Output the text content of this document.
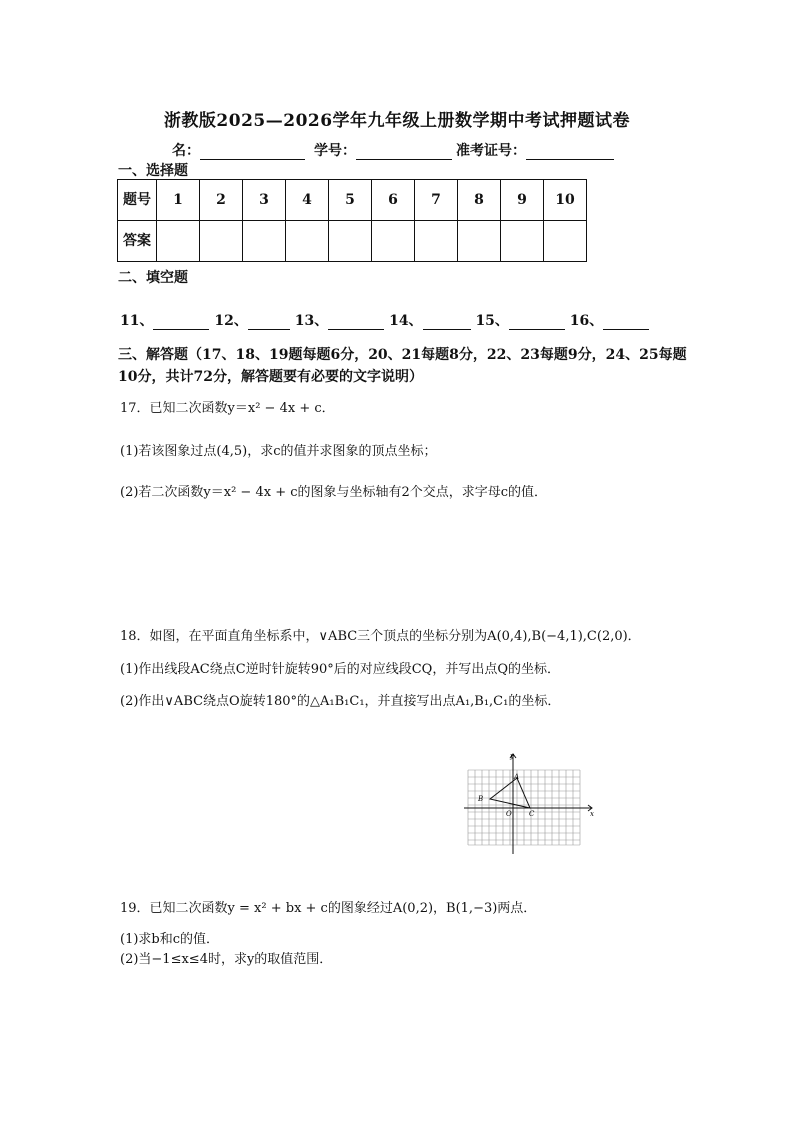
浙教版2025—2026学年九年级上册数学期中考试押题试卷
名：	学号：	准考证号：
一、选择题
题号	1	2	3	4	5	6	7	8	9	10
答案										
二、填空题
11、	12、	13、	14、	15、	16、
三、解答题（17、18、19题每题6分，20、21每题8分，22、23每题9分，24、25每题10分，共计72分，解答题要有必要的文字说明）
17．已知二次函数y＝x² − 4x + c．
(1)若该图象过点(4,5)，求c的值并求图象的顶点坐标；
(2)若二次函数y＝x² − 4x + c的图象与坐标轴有2个交点，求字母c的值．
18．如图，在平面直角坐标系中，∨ABC三个顶点的坐标分别为A(0,4),B(−4,1),C(2,0)．
(1)作出线段AC绕点C逆时针旋转90°后的对应线段CQ，并写出点Q的坐标．
(2)作出∨ABC绕点O旋转180°的△A₁B₁C₁，并直接写出点A₁,B₁,C₁的坐标．
y
x
A
B
C
O
19．已知二次函数y = x² + bx + c的图象经过A(0,2)，B(1,−3)两点．
(1)求b和c的值．
(2)当−1≤x≤4时，求y的取值范围．
